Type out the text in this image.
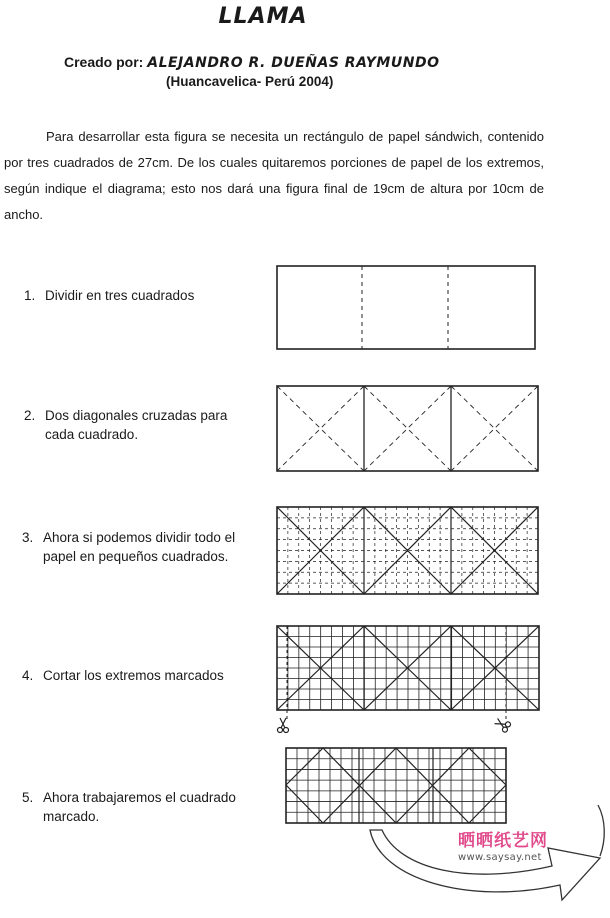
LLAMA
Creado por: ALEJANDRO R. DUEÑAS RAYMUNDO
(Huancavelica- Perú 2004)
Para desarrollar esta figura se necesita un rectángulo de papel sándwich, contenido por tres cuadrados de 27cm. De los cuales quitaremos porciones de papel de los extremos, según indique el diagrama; esto nos dará una figura final de 19cm de altura por 10cm de ancho.
1. Dividir en tres cuadrados
2. Dos diagonales cruzadas para
cada cuadrado.
3. Ahora si podemos dividir todo el
papel en pequeños cuadrados.
4. Cortar los extremos marcados
5. Ahora trabajaremos el cuadrado
marcado.
晒晒纸艺网
www.saysay.net
